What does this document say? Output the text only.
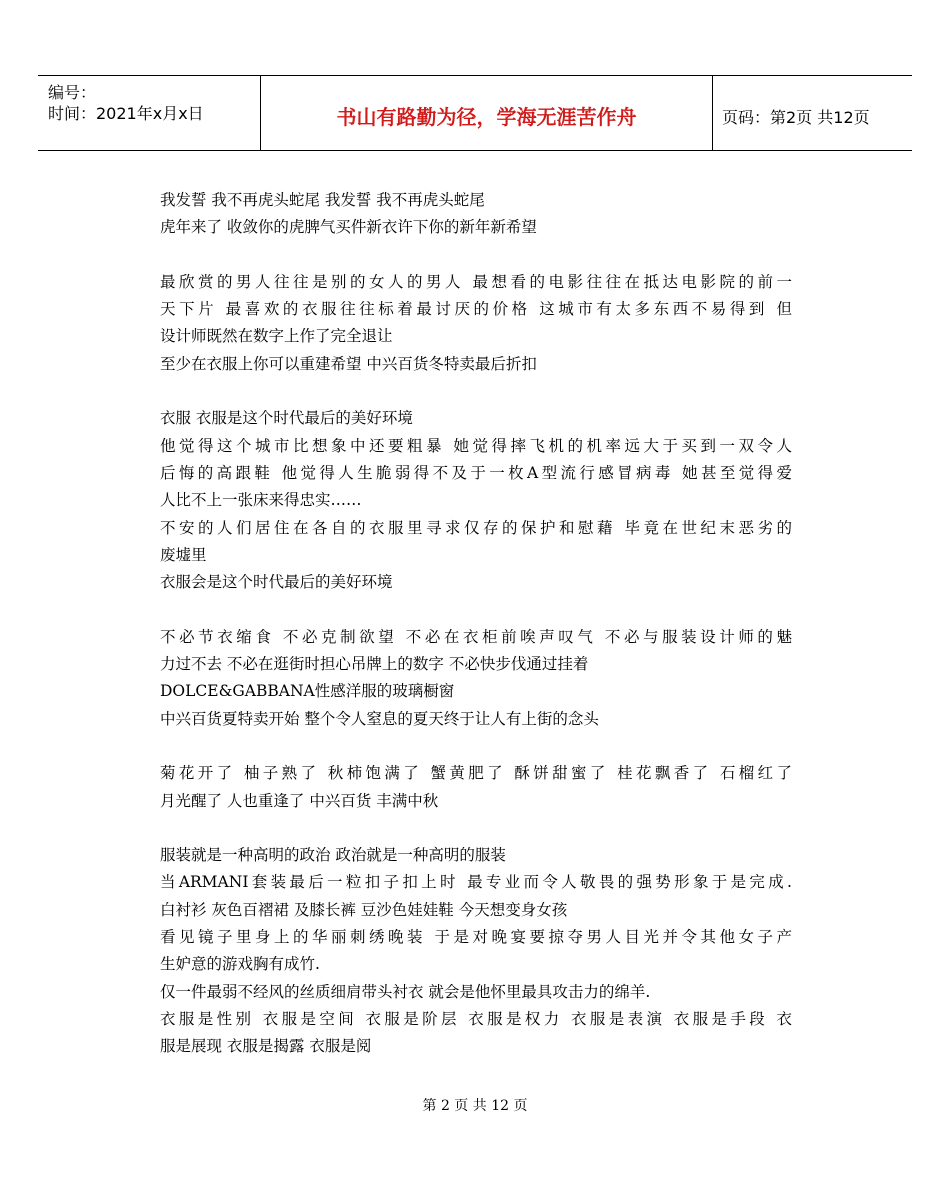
编号：
时间：2021年x月x日	书山有路勤为径，学海无涯苦作舟	页码：第2页 共12页
我发誓 我不再虎头蛇尾 我发誓 我不再虎头蛇尾
虎年来了 收敛你的虎脾气买件新衣许下你的新年新希望
最欣赏的男人往往是别的女人的男人 最想看的电影往往在抵达电影院的前一
天下片 最喜欢的衣服往往标着最讨厌的价格 这城市有太多东西不易得到 但
设计师既然在数字上作了完全退让
至少在衣服上你可以重建希望 中兴百货冬特卖最后折扣
衣服 衣服是这个时代最后的美好环境
他觉得这个城市比想象中还要粗暴 她觉得摔飞机的机率远大于买到一双令人
后悔的高跟鞋 他觉得人生脆弱得不及于一枚A型流行感冒病毒 她甚至觉得爱
人比不上一张床来得忠实……
不安的人们居住在各自的衣服里寻求仅存的保护和慰藉 毕竟在世纪末恶劣的
废墟里
衣服会是这个时代最后的美好环境
不必节衣缩食 不必克制欲望 不必在衣柜前唉声叹气 不必与服装设计师的魅
力过不去 不必在逛街时担心吊牌上的数字 不必快步伐通过挂着
DOLCE&GABBANA性感洋服的玻璃橱窗
中兴百货夏特卖开始 整个令人窒息的夏天终于让人有上街的念头
菊花开了 柚子熟了 秋柿饱满了 蟹黄肥了 酥饼甜蜜了 桂花飘香了 石榴红了
月光醒了 人也重逢了 中兴百货 丰满中秋
服装就是一种高明的政治 政治就是一种高明的服装
当ARMANI套装最后一粒扣子扣上时 最专业而令人敬畏的强势形象于是完成.
白衬衫 灰色百褶裙 及膝长裤 豆沙色娃娃鞋 今天想变身女孩
看见镜子里身上的华丽刺绣晚装 于是对晚宴要掠夺男人目光并令其他女子产
生妒意的游戏胸有成竹.
仅一件最弱不经风的丝质细肩带头衬衣 就会是他怀里最具攻击力的绵羊.
衣服是性别 衣服是空间 衣服是阶层 衣服是权力 衣服是表演 衣服是手段 衣
服是展现 衣服是揭露 衣服是阅
第 2 页 共 12 页
